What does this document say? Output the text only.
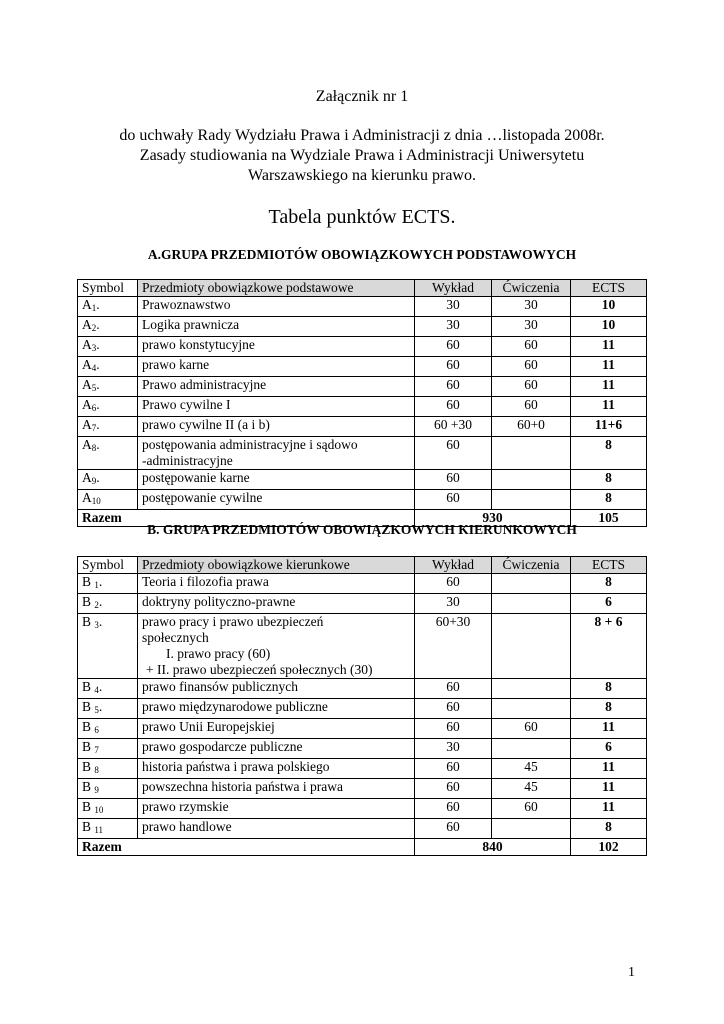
Załącznik nr 1
do uchwały Rady Wydziału Prawa i Administracji z dnia …listopada 2008r.
Zasady studiowania na Wydziale Prawa i Administracji Uniwersytetu
Warszawskiego na kierunku prawo.
Tabela punktów ECTS.
A.GRUPA PRZEDMIOTÓW OBOWIĄZKOWYCH PODSTAWOWYCH
Symbol	Przedmioty obowiązkowe podstawowe	Wykład	Ćwiczenia	ECTS
$A_1$.	Prawoznawstwo	30	30	10
$A_2$.	Logika prawnicza	30	30	10
$A_3$.	prawo konstytucyjne	60	60	11
$A_4$.	prawo karne	60	60	11
$A_5$.	Prawo administracyjne	60	60	11
$A_6$.	Prawo cywilne I	60	60	11
$A_7$.	prawo cywilne II (a i b)	60 +30	60+0	11+6
$A_8$.	postępowania administracyjne i sądowo
-administracyjne	60		8
$A_9$.	postępowanie karne	60		8
$A_{10}$	postępowanie cywilne	60		8
Razem		930		105
B. GRUPA PRZEDMIOTÓW OBOWIĄZKOWYCH KIERUNKOWYCH
Symbol	Przedmioty obowiązkowe kierunkowe	Wykład	Ćwiczenia	ECTS
B $_1$.	Teoria i filozofia prawa	60		8
B $_2$.	doktryny polityczno-prawne	30		6
B $_3$.	prawo pracy i prawo ubezpieczeń
społecznych
I. prawo pracy (60)
+ II. prawo ubezpieczeń społecznych (30)	60+30		8 + 6
B $_4$.	prawo finansów publicznych	60		8
B $_5$.	prawo międzynarodowe publiczne	60		8
B $_6$	prawo Unii Europejskiej	60	60	11
B $_7$	prawo gospodarcze publiczne	30		6
B $_8$	historia państwa i prawa polskiego	60	45	11
B $_9$	powszechna historia państwa i prawa	60	45	11
B $_{10}$	prawo rzymskie	60	60	11
B $_{11}$	prawo handlowe	60		8
Razem		840		102
1
